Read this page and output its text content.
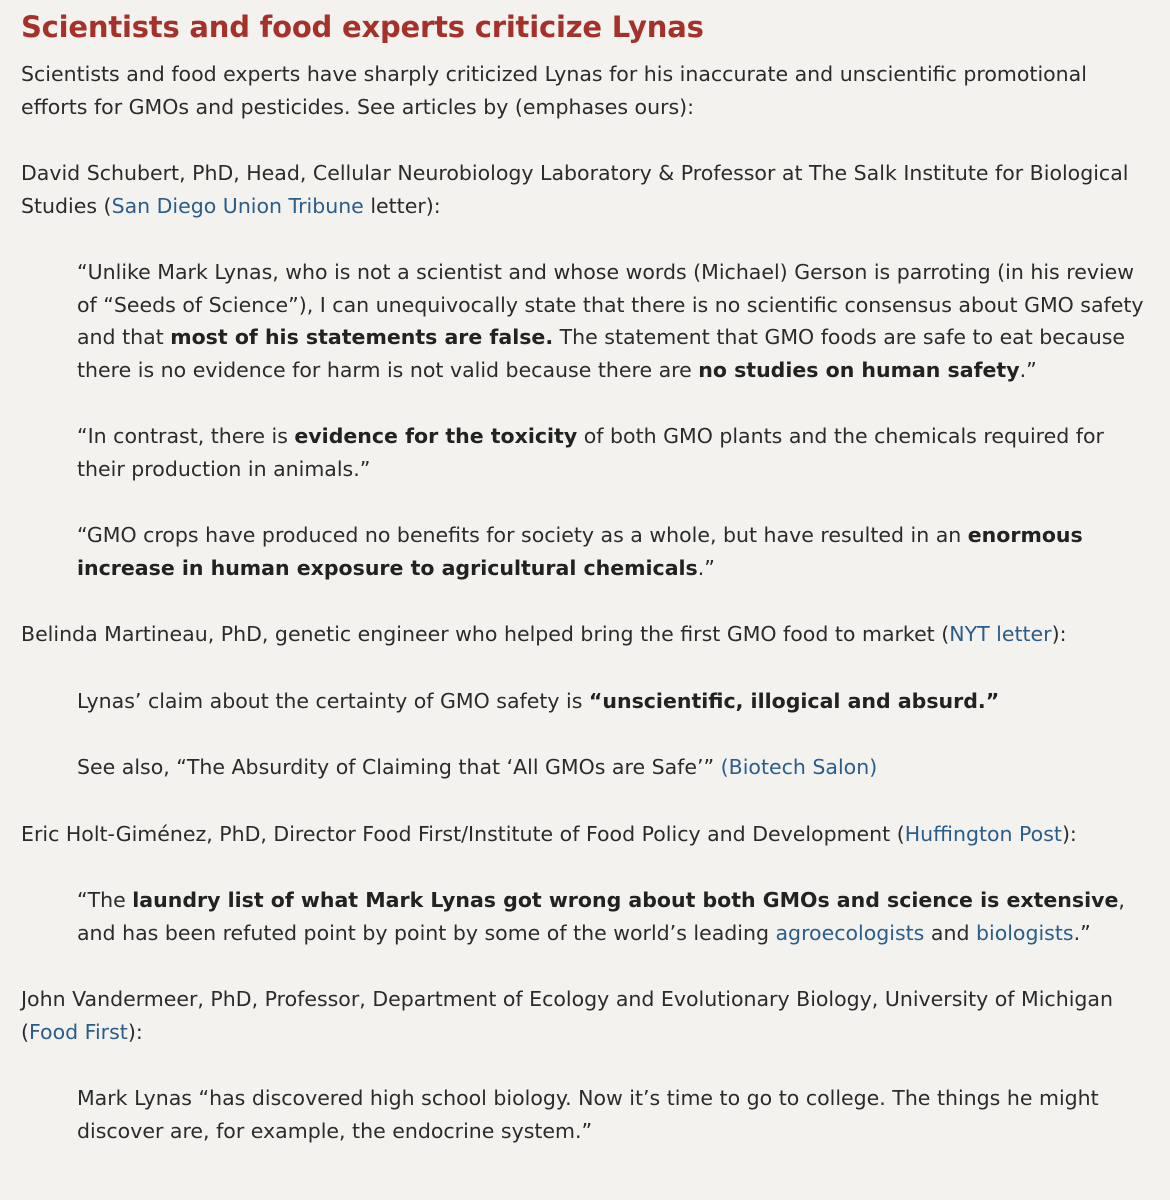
Scientists and food experts criticize Lynas

Scientists and food experts have sharply criticized Lynas for his inaccurate and unscientific promotional efforts for GMOs and pesticides. See articles by (emphases ours):

David Schubert, PhD, Head, Cellular Neurobiology Laboratory & Professor at The Salk Institute for Biological Studies (San Diego Union Tribune letter):

“Unlike Mark Lynas, who is not a scientist and whose words (Michael) Gerson is parroting (in his review of “Seeds of Science”), I can unequivocally state that there is no scientific consensus about GMO safety and that most of his statements are false. The statement that GMO foods are safe to eat because there is no evidence for harm is not valid because there are no studies on human safety.”
“In contrast, there is evidence for the toxicity of both GMO plants and the chemicals required for their production in animals.”
“GMO crops have produced no benefits for society as a whole, but have resulted in an enormous increase in human exposure to agricultural chemicals.”

Belinda Martineau, PhD, genetic engineer who helped bring the first GMO food to market (NYT letter):

Lynas’ claim about the certainty of GMO safety is “unscientific, illogical and absurd.”
See also, “The Absurdity of Claiming that ‘All GMOs are Safe’” (Biotech Salon)

Eric Holt-Giménez, PhD, Director Food First/Institute of Food Policy and Development (Huffington Post):

“The laundry list of what Mark Lynas got wrong about both GMOs and science is extensive, and has been refuted point by point by some of the world’s leading agroecologists and biologists.”

John Vandermeer, PhD, Professor, Department of Ecology and Evolutionary Biology, University of Michigan (Food First):

Mark Lynas “has discovered high school biology. Now it’s time to go to college. The things he might discover are, for example, the endocrine system.”
